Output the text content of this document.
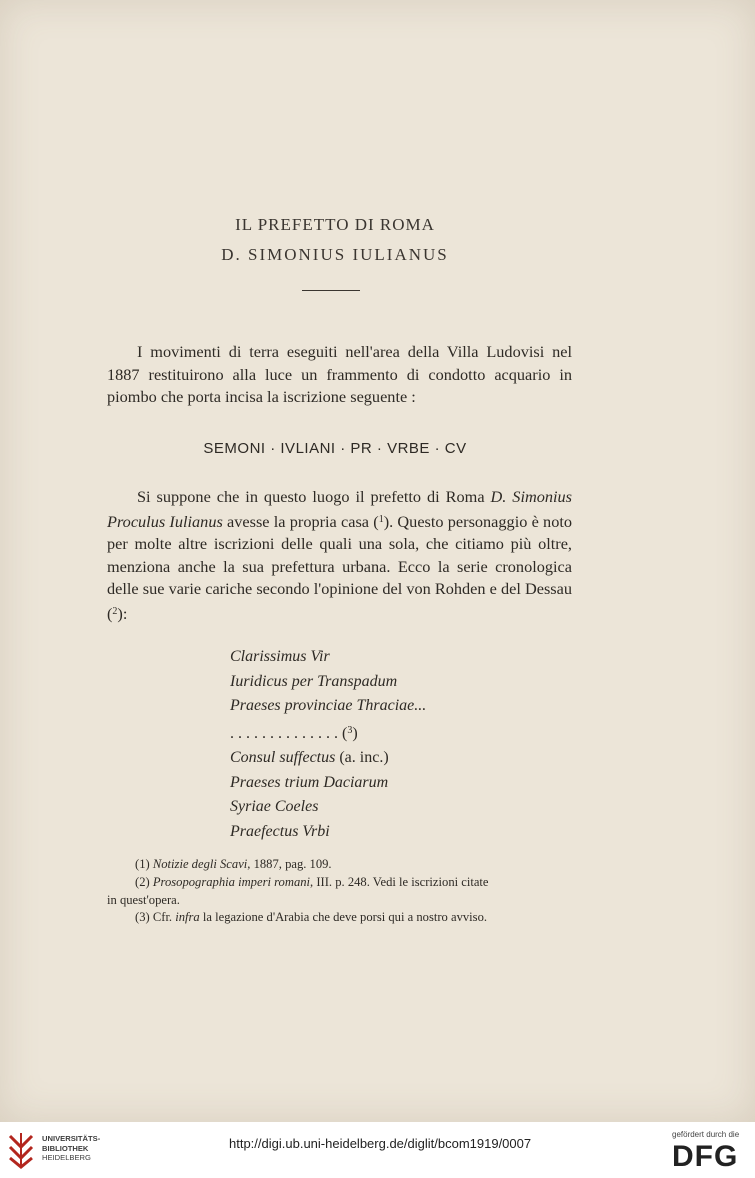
IL PREFETTO DI ROMA
D. SIMONIUS IULIANUS

I movimenti di terra eseguiti nell'area della Villa Ludovisi nel 1887 restituirono alla luce un frammento di condotto acquario in piombo che porta incisa la iscrizione seguente :

SEMONI · IVLIANI · PR · VRBE · CV

Si suppone che in questo luogo il prefetto di Roma D. Simonius Proculus Iulianus avesse la propria casa ($^1$). Questo personaggio è noto per molte altre iscrizioni delle quali una sola, che citiamo più oltre, menziona anche la sua prefettura urbana. Ecco la serie cronologica delle sue varie cariche secondo l'opinione del von Rohden e del Dessau ($^2$):

Clarissimus Vir
Iuridicus per Transpadum
Praeses provinciae Thraciae...
. . . . . . . . . . . . . . ($^3$)
Consul suffectus (a. inc.)
Praeses trium Daciarum
Syriae Coeles
Praefectus Vrbi
(1) Notizie degli Scavi, 1887, pag. 109.
(2) Prosopographia imperi romani, III. p. 248. Vedi le iscrizioni citate
in quest'opera.
(3) Cfr. infra la legazione d'Arabia che deve porsi qui a nostro avviso.
UNIVERSITÄTS-
BIBLIOTHEK
HEIDELBERG
http://digi.ub.uni-heidelberg.de/diglit/bcom1919/0007
gefördert durch die
DFG
